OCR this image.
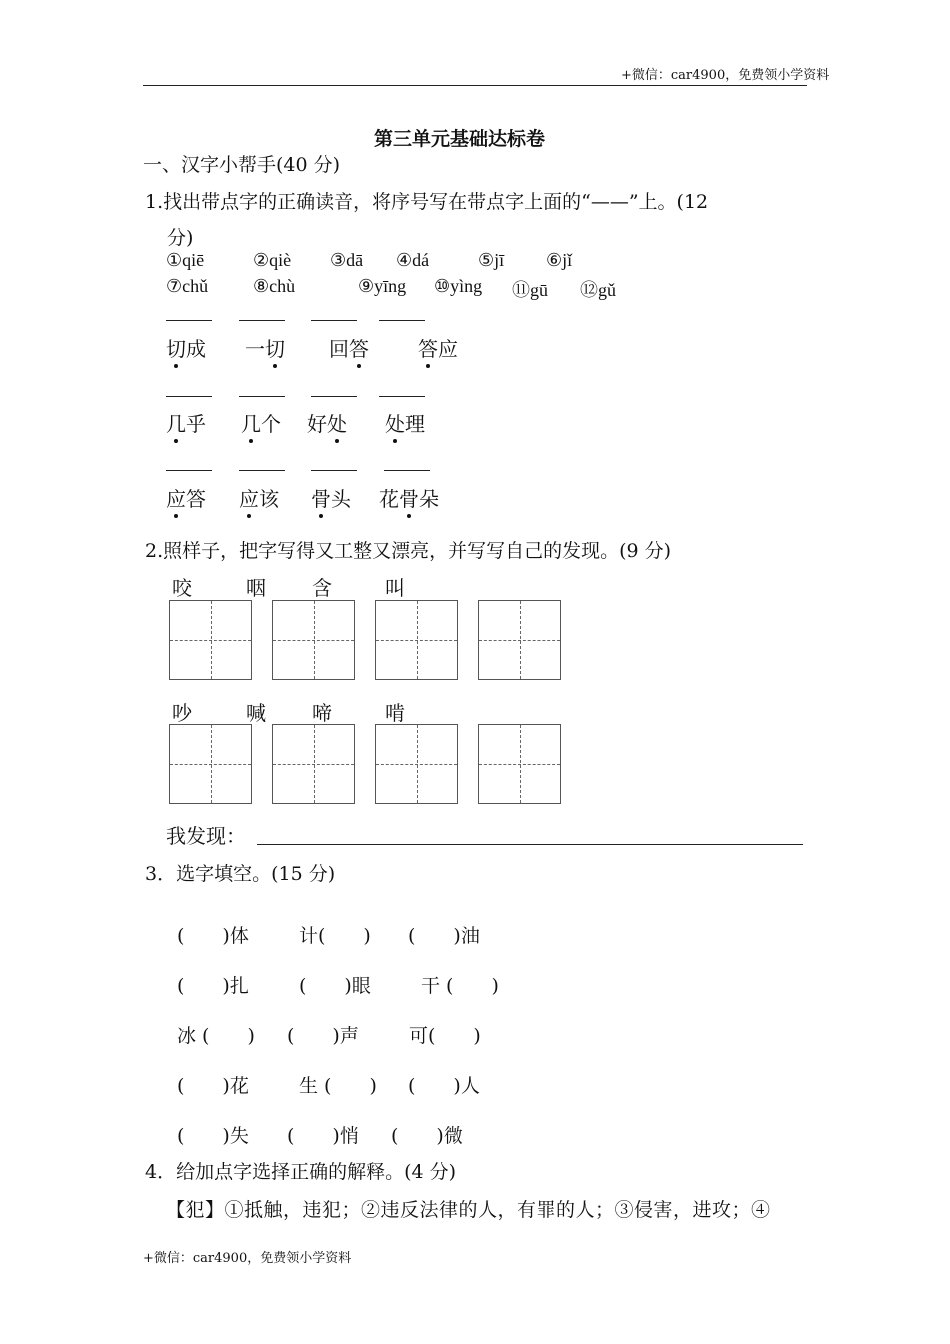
+微信：car4900，免费领小学资料
第三单元基础达标卷
一、汉字小帮手(40 分)
1.找出带点字的正确读音，将序号写在带点字上面的“——”上。(12
分)
①qiē	②qiè ③dā ④dá	⑤jī ⑥jǐ
⑦chǔ ⑧chù	⑨yīng ⑩yìng ⑪gū ⑫gǔ
切成 一切 回答 答应
几乎 几个 好处 处理
应答 应该 骨头 花骨朵
2.照样子，把字写得又工整又漂亮，并写写自己的发现。(9 分)
咬	咽 含	叫
吵	喊 啼	啃
我发现：
3．选字填空。(15 分)
(　　)体	计(　　) (　　)油
(　　)扎	(　　)眼	干 (　　)
冰 (　　) (　　)声	可(　　)
(　　)花	生 (　　) (　　)人
(　　)失 (　　)悄 (　　)微
4．给加点字选择正确的解释。(4 分)
【犯】①抵触，违犯；②违反法律的人，有罪的人；③侵害，进攻；④
+微信：car4900，免费领小学资料
